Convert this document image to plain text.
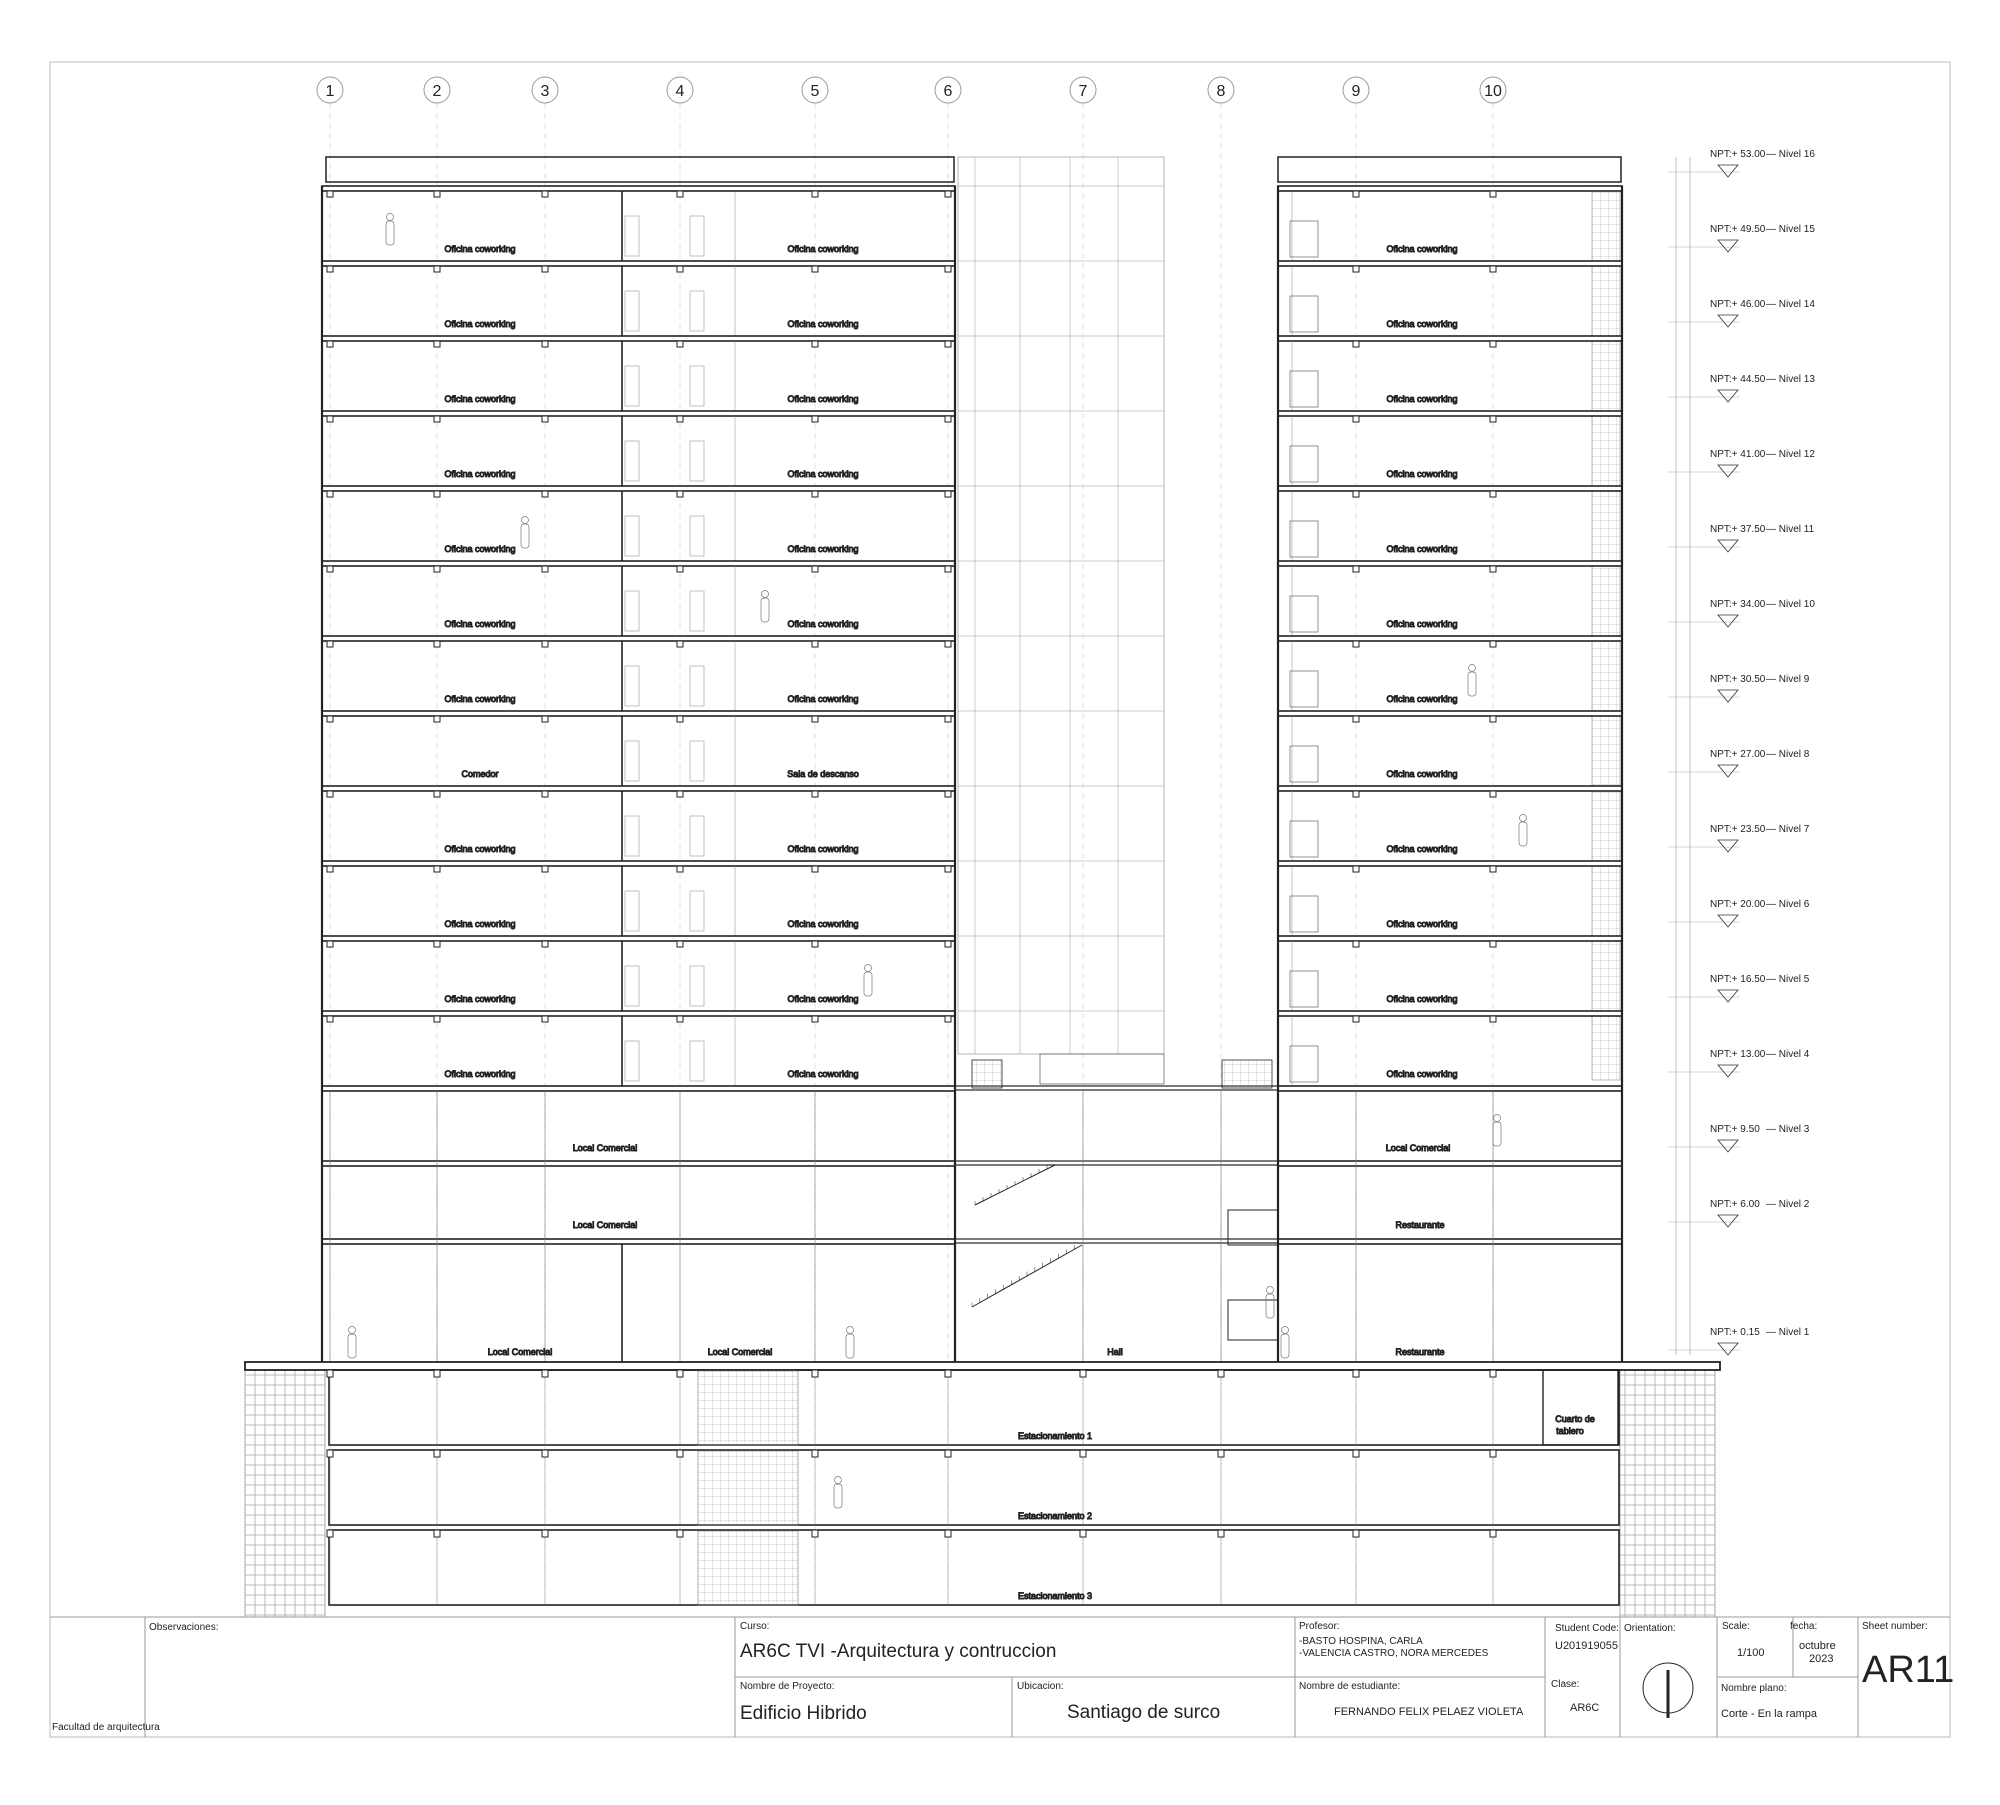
1	2	3	4	5	6	7	8	9	10
Oficina coworking	Oficina coworking	Oficina coworking
Oficina coworking	Oficina coworking	Oficina coworking
Oficina coworking	Oficina coworking	Oficina coworking
Oficina coworking	Oficina coworking	Oficina coworking
Oficina coworking	Oficina coworking	Oficina coworking
Oficina coworking	Oficina coworking	Oficina coworking
Oficina coworking	Oficina coworking	Oficina coworking
Comedor	Sala de descanso	Oficina coworking
Oficina coworking	Oficina coworking	Oficina coworking
Oficina coworking	Oficina coworking	Oficina coworking
Oficina coworking	Oficina coworking	Oficina coworking
Oficina coworking	Oficina coworking	Oficina coworking
Local Comercial
Local Comercial
Local Comercial	Local Comercial
Local Comercial
Restaurante
Restaurante
Hall
Estacionamiento 1
Estacionamiento 2
Estacionamiento 3
Cuarto de
tablero
NPT:+ 53.00 — Nivel 16
NPT:+ 49.50 — Nivel 15
NPT:+ 46.00 — Nivel 14
NPT:+ 44.50 — Nivel 13
NPT:+ 41.00 — Nivel 12
NPT:+ 37.50 — Nivel 11
NPT:+ 34.00 — Nivel 10
NPT:+ 30.50 — Nivel 9
NPT:+ 27.00 — Nivel 8
NPT:+ 23.50 — Nivel 7
NPT:+ 20.00 — Nivel 6
NPT:+ 16.50 — Nivel 5
NPT:+ 13.00 — Nivel 4
NPT:+ 9.50 — Nivel 3
NPT:+ 6.00 — Nivel 2
NPT:+ 0.15 — Nivel 1
Facultad de arquitectura
Observaciones:	Curso:
AR6C TVI -Arquitectura y contruccion
Nombre de Proyecto:
Edificio Hibrido
Ubicacion:
Santiago de surco
Profesor:
-BASTO HOSPINA, CARLA
-VALENCIA CASTRO, NORA MERCEDES
Nombre de estudiante:
FERNANDO FELIX PELAEZ VIOLETA
Student Code:
U201919055
Clase:
AR6C
Orientation:	Scale:
1/100
fecha:
octubre
2023
Nombre plano:
Corte - En la rampa
Sheet number:
AR11
